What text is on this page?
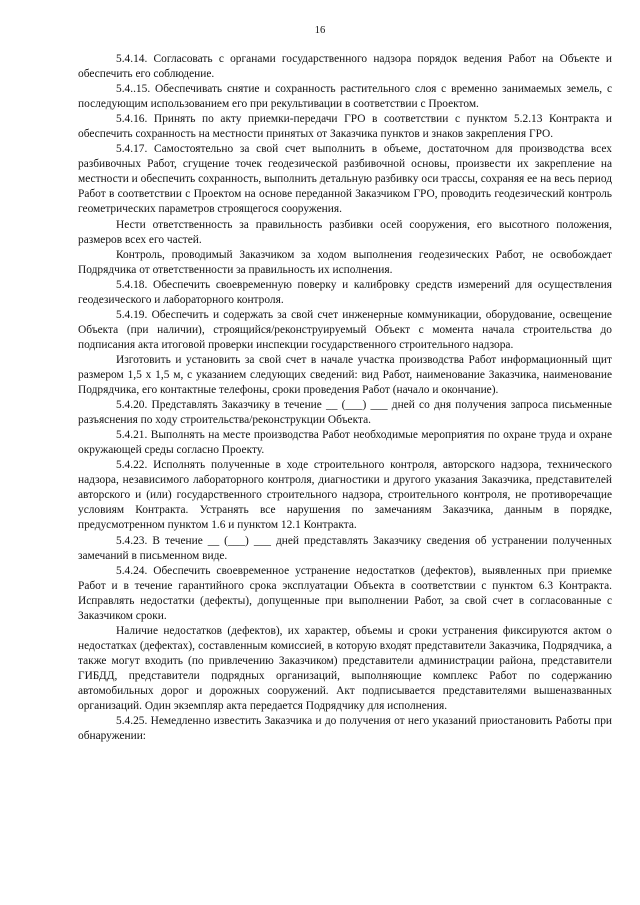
16

5.4.14. Согласовать с органами государственного надзора порядок ведения Работ на Объекте и обеспечить его соблюдение.

5.4..15. Обеспечивать снятие и сохранность растительного слоя с временно занимаемых земель, с последующим использованием его при рекультивации в соответствии с Проектом.

5.4.16. Принять по акту приемки-передачи ГРО в соответствии с пунктом 5.2.13 Контракта и обеспечить сохранность на местности принятых от Заказчика пунктов и знаков закрепления ГРО.

5.4.17. Самостоятельно за свой счет выполнить в объеме, достаточном для производства всех разбивочных Работ, сгущение точек геодезической разбивочной основы, произвести их закрепление на местности и обеспечить сохранность, выполнить детальную разбивку оси трассы, сохраняя ее на весь период Работ в соответствии с Проектом на основе переданной Заказчиком ГРО, проводить геодезический контроль геометрических параметров строящегося сооружения.

Нести ответственность за правильность разбивки осей сооружения, его высотного положения, размеров всех его частей.

Контроль, проводимый Заказчиком за ходом выполнения геодезических Работ, не освобождает Подрядчика от ответственности за правильность их исполнения.

5.4.18. Обеспечить своевременную поверку и калибровку средств измерений для осуществления геодезического и лабораторного контроля.

5.4.19. Обеспечить и содержать за свой счет инженерные коммуникации, оборудование, освещение Объекта (при наличии), строящийся/реконструируемый Объект с момента начала строительства до подписания акта итоговой проверки инспекции государственного строительного надзора.

Изготовить и установить за свой счет в начале участка производства Работ информационный щит размером 1,5 х 1,5 м, с указанием следующих сведений: вид Работ, наименование Заказчика, наименование Подрядчика, его контактные телефоны, сроки проведения Работ (начало и окончание).

5.4.20. Представлять Заказчику в течение __ (___) ___ дней со дня получения запроса письменные разъяснения по ходу строительства/реконструкции Объекта.

5.4.21. Выполнять на месте производства Работ необходимые мероприятия по охране труда и охране окружающей среды согласно Проекту.

5.4.22. Исполнять полученные в ходе строительного контроля, авторского надзора, технического надзора, независимого лабораторного контроля, диагностики и другого указания Заказчика, представителей авторского и (или) государственного строительного надзора, строительного контроля, не противоречащие условиям Контракта. Устранять все нарушения по замечаниям Заказчика, данным в порядке, предусмотренном пунктом 1.6 и пунктом 12.1 Контракта.

5.4.23. В течение __ (___) ___ дней представлять Заказчику сведения об устранении полученных замечаний в письменном виде.

5.4.24. Обеспечить своевременное устранение недостатков (дефектов), выявленных при приемке Работ и в течение гарантийного срока эксплуатации Объекта в соответствии с пунктом 6.3 Контракта. Исправлять недостатки (дефекты), допущенные при выполнении Работ, за свой счет в согласованные с Заказчиком сроки.

Наличие недостатков (дефектов), их характер, объемы и сроки устранения фиксируются актом о недостатках (дефектах), составленным комиссией, в которую входят представители Заказчика, Подрядчика, а также могут входить (по привлечению Заказчиком) представители администрации района, представители ГИБДД, представители подрядных организаций, выполняющие комплекс Работ по содержанию автомобильных дорог и дорожных сооружений. Акт подписывается представителями вышеназванных организаций. Один экземпляр акта передается Подрядчику для исполнения.

5.4.25. Немедленно известить Заказчика и до получения от него указаний приостановить Работы при обнаружении:
